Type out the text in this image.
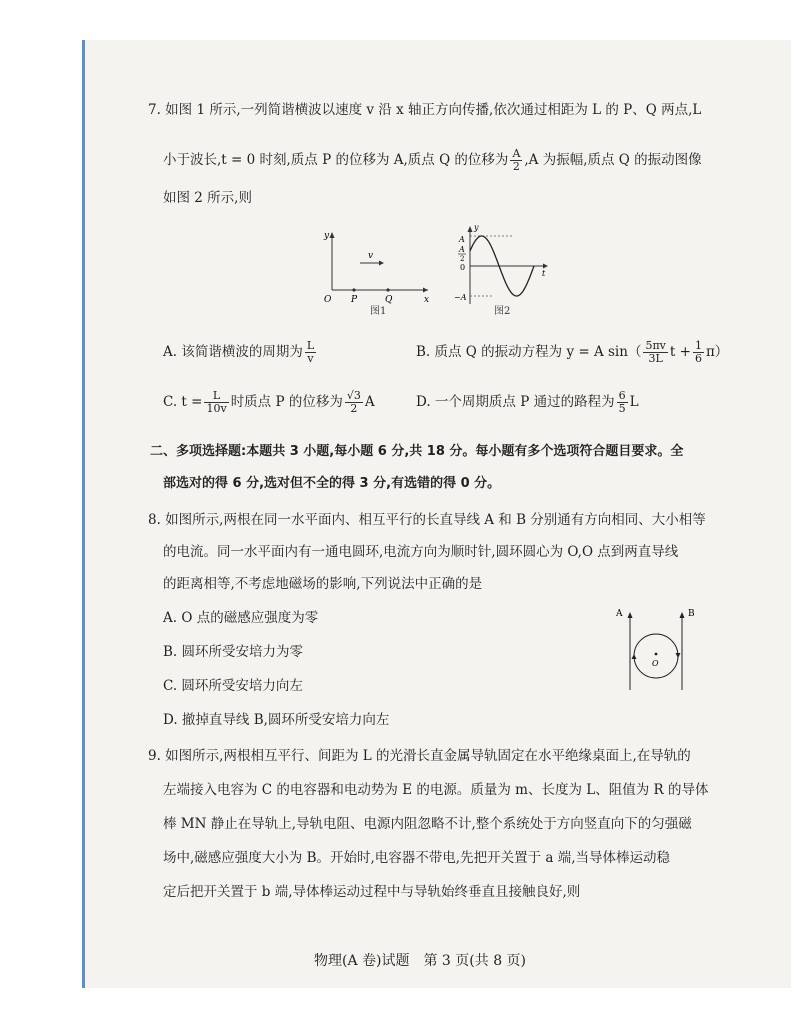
7. 如图 1 所示,一列简谐横波以速度 v 沿 x 轴正方向传播,依次通过相距为 L 的 P、Q 两点,L
小于波长,t = 0 时刻,质点 P 的位移为 A,质点 Q 的位移为 $\frac{A}{2} ,A$ 为振幅,质点 Q 的振动图像
如图 2 所示,则
y
v
O P	Q	x
图1
A
A
2
0
−A
y
t
图2
A. 该简谐横波的周期为 $\frac{L}{v}$	B. 质点 Q 的振动方程为 y = A $\sin( \frac{5\pi v}{3L}$ $t + \frac{1}{6} \pi$）
C. $t = \frac{L}{10v}$ 时质点 P 的位移为 $\frac{√3}{2}$ A	D. 一个周期质点 P 通过的路程为 $\frac{6}{5}$ L
二、多项选择题:本题共 3 小题,每小题 6 分,共 18 分。每小题有多个选项符合题目要求。全
部选对的得 6 分,选对但不全的得 3 分,有选错的得 0 分。
8. 如图所示,两根在同一水平面内、相互平行的长直导线 A 和 B 分别通有方向相同、大小相等
的电流。同一水平面内有一通电圆环,电流方向为顺时针,圆环圆心为 O,O 点到两直导线
的距离相等,不考虑地磁场的影响,下列说法中正确的是
A. O 点的磁感应强度为零
B. 圆环所受安培力为零
C. 圆环所受安培力向左
D. 撤掉直导线 B,圆环所受安培力向左
A	B
O
9. 如图所示,两根相互平行、间距为 L 的光滑长直金属导轨固定在水平绝缘桌面上,在导轨的
左端接入电容为 C 的电容器和电动势为 E 的电源。质量为 m、长度为 L、阻值为 R 的导体
棒 MN 静止在导轨上,导轨电阻、电源内阻忽略不计,整个系统处于方向竖直向下的匀强磁
场中,磁感应强度大小为 B。开始时,电容器不带电,先把开关置于 a 端,当导体棒运动稳
定后把开关置于 b 端,导体棒运动过程中与导轨始终垂直且接触良好,则
物理(A 卷)试题　第 3 页(共 8 页)
